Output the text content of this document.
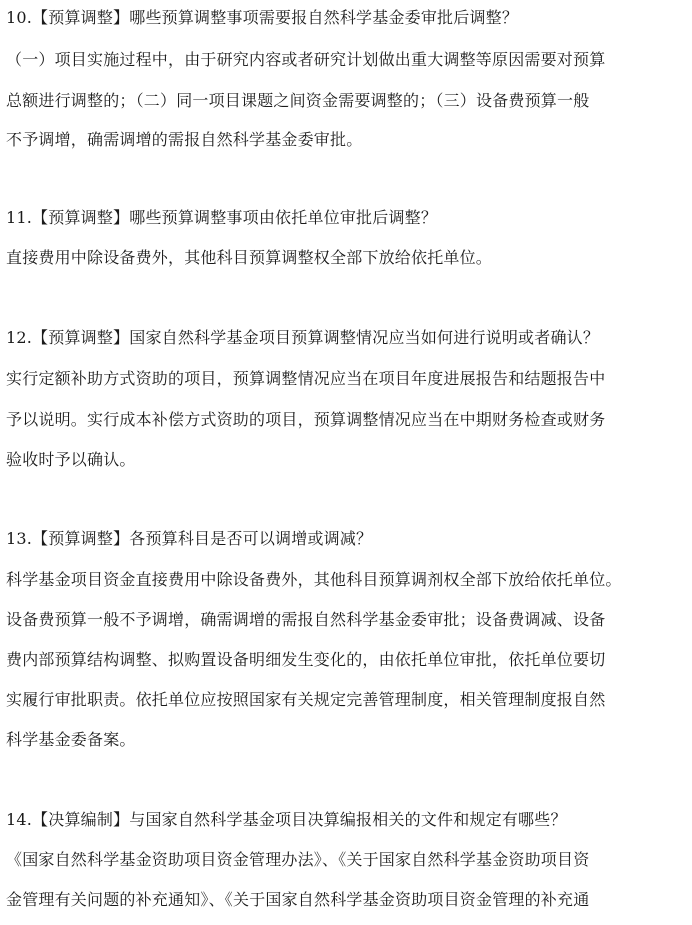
10.【预算调整】哪些预算调整事项需要报自然科学基金委审批后调整？
（一）项目实施过程中，由于研究内容或者研究计划做出重大调整等原因需要对预算
总额进行调整的；（二）同一项目课题之间资金需要调整的；（三）设备费预算一般
不予调增，确需调增的需报自然科学基金委审批。
11.【预算调整】哪些预算调整事项由依托单位审批后调整？
直接费用中除设备费外，其他科目预算调整权全部下放给依托单位。
12.【预算调整】国家自然科学基金项目预算调整情况应当如何进行说明或者确认？
实行定额补助方式资助的项目，预算调整情况应当在项目年度进展报告和结题报告中
予以说明。实行成本补偿方式资助的项目，预算调整情况应当在中期财务检查或财务
验收时予以确认。
13.【预算调整】各预算科目是否可以调增或调减？
科学基金项目资金直接费用中除设备费外，其他科目预算调剂权全部下放给依托单位。
设备费预算一般不予调增，确需调增的需报自然科学基金委审批；设备费调减、设备
费内部预算结构调整、拟购置设备明细发生变化的，由依托单位审批，依托单位要切
实履行审批职责。依托单位应按照国家有关规定完善管理制度，相关管理制度报自然
科学基金委备案。
14.【决算编制】与国家自然科学基金项目决算编报相关的文件和规定有哪些？
《国家自然科学基金资助项目资金管理办法》、《关于国家自然科学基金资助项目资
金管理有关问题的补充通知》、《关于国家自然科学基金资助项目资金管理的补充通
